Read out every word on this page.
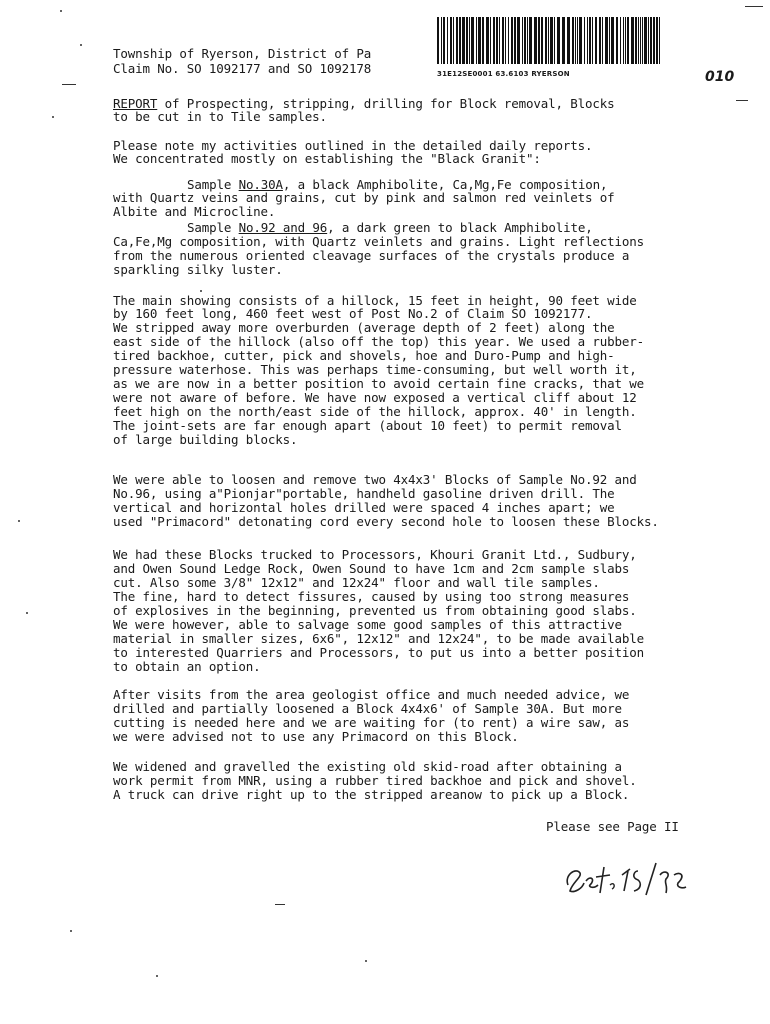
Township of Ryerson, District of Pa
Claim No. SO 1092177 and SO 1092178	31E12SE0001 63.6103 RYERSON	010
REPORT of Prospecting, stripping, drilling for Block removal, Blocks
to be cut in to Tile samples.
Please note my activities outlined in the detailed daily reports.
We concentrated mostly on establishing the "Black Granit":
Sample No.30A, a black Amphibolite, Ca,Mg,Fe composition,
with Quartz veins and grains, cut by pink and salmon red veinlets of
Albite and Microcline.
Sample No.92 and 96, a dark green to black Amphibolite,
Ca,Fe,Mg composition, with Quartz veinlets and grains. Light reflections
from the numerous oriented cleavage surfaces of the crystals produce a
sparkling silky luster.
The main showing consists of a hillock, 15 feet in height, 90 feet wide
by 160 feet long, 460 feet west of Post No.2 of Claim SO 1092177.
We stripped away more overburden (average depth of 2 feet) along the
east side of the hillock (also off the top) this year. We used a rubber-
tired backhoe, cutter, pick and shovels, hoe and Duro-Pump and high-
pressure waterhose. This was perhaps time-consuming, but well worth it,
as we are now in a better position to avoid certain fine cracks, that we
were not aware of before. We have now exposed a vertical cliff about 12
feet high on the north/east side of the hillock, approx. 40' in length.
The joint-sets are far enough apart (about 10 feet) to permit removal
of large building blocks.
We were able to loosen and remove two 4x4x3' Blocks of Sample No.92 and
No.96, using a"Pionjar"portable, handheld gasoline driven drill. The
vertical and horizontal holes drilled were spaced 4 inches apart; we
used "Primacord" detonating cord every second hole to loosen these Blocks.
We had these Blocks trucked to Processors, Khouri Granit Ltd., Sudbury,
and Owen Sound Ledge Rock, Owen Sound to have 1cm and 2cm sample slabs
cut. Also some 3/8" 12x12" and 12x24" floor and wall tile samples.
The fine, hard to detect fissures, caused by using too strong measures
of explosives in the beginning, prevented us from obtaining good slabs.
We were however, able to salvage some good samples of this attractive
material in smaller sizes, 6x6", 12x12" and 12x24", to be made available
to interested Quarriers and Processors, to put us into a better position
to obtain an option.
After visits from the area geologist office and much needed advice, we
drilled and partially loosened a Block 4x4x6' of Sample 30A. But more
cutting is needed here and we are waiting for (to rent) a wire saw, as
we were advised not to use any Primacord on this Block.
We widened and gravelled the existing old skid-road after obtaining a
work permit from MNR, using a rubber tired backhoe and pick and shovel.
A truck can drive right up to the stripped areanow to pick up a Block.
Please see Page II
